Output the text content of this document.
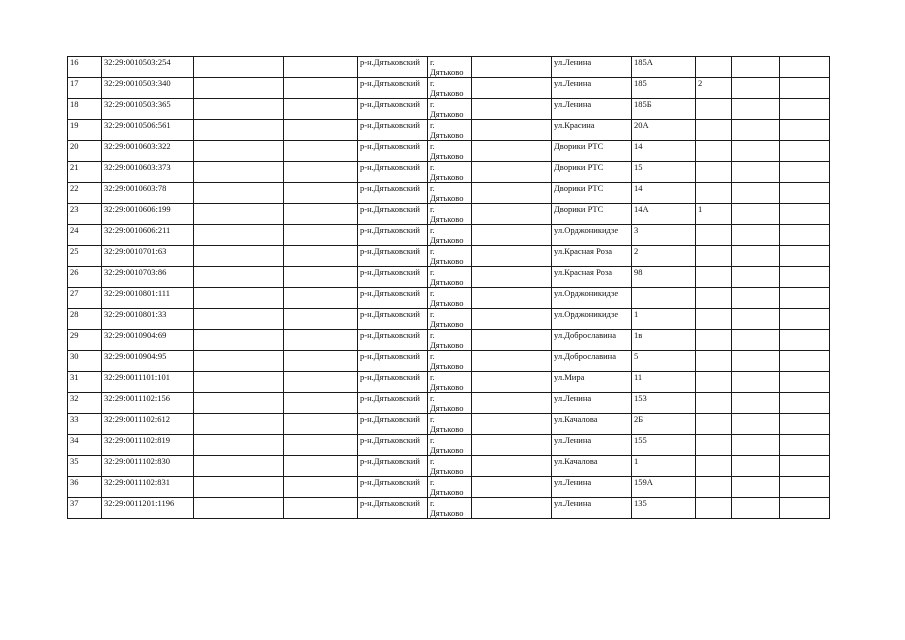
16	32:29:0010503:254			р-н.Дятьковский	г.
Дятьково		ул.Ленина	185А			
17	32:29:0010503:340			р-н.Дятьковский	г.
Дятьково		ул.Ленина	185	2		
18	32:29:0010503:365			р-н.Дятьковский	г.
Дятьково		ул.Ленина	185Б			
19	32:29:0010506:561			р-н.Дятьковский	г.
Дятьково		ул.Красина	20А			
20	32:29:0010603:322			р-н.Дятьковский	г.
Дятьково		Дворики РТС	14			
21	32:29:0010603:373			р-н.Дятьковский	г.
Дятьково		Дворики РТС	15			
22	32:29:0010603:78			р-н.Дятьковский	г.
Дятьково		Дворики РТС	14			
23	32:29:0010606:199			р-н.Дятьковский	г.
Дятьково		Дворики РТС	14А	1		
24	32:29:0010606:211			р-н.Дятьковский	г.
Дятьково		ул.Орджоникидзе	3			
25	32:29:0010701:63			р-н.Дятьковский	г.
Дятьково		ул.Красная Роза	2			
26	32:29:0010703:86			р-н.Дятьковский	г.
Дятьково		ул.Красная Роза	98			
27	32:29:0010801:111			р-н.Дятьковский	г.
Дятьково		ул.Орджоникидзе				
28	32:29:0010801:33			р-н.Дятьковский	г.
Дятьково		ул.Орджоникидзе	1			
29	32:29:0010904:69			р-н.Дятьковский	г.
Дятьково		ул.Доброславина	1в			
30	32:29:0010904:95			р-н.Дятьковский	г.
Дятьково		ул.Доброславина	5			
31	32:29:0011101:101			р-н.Дятьковский	г.
Дятьково		ул.Мира	11			
32	32:29:0011102:156			р-н.Дятьковский	г.
Дятьково		ул.Ленина	153			
33	32:29:0011102:612			р-н.Дятьковский	г.
Дятьково		ул.Качалова	2Б			
34	32:29:0011102:819			р-н.Дятьковский	г.
Дятьково		ул.Ленина	155			
35	32:29:0011102:830			р-н.Дятьковский	г.
Дятьково		ул.Качалова	1			
36	32:29:0011102:831			р-н.Дятьковский	г.
Дятьково		ул.Ленина	159А			
37	32:29:0011201:1196			р-н.Дятьковский	г.
Дятьково		ул.Ленина	135			
